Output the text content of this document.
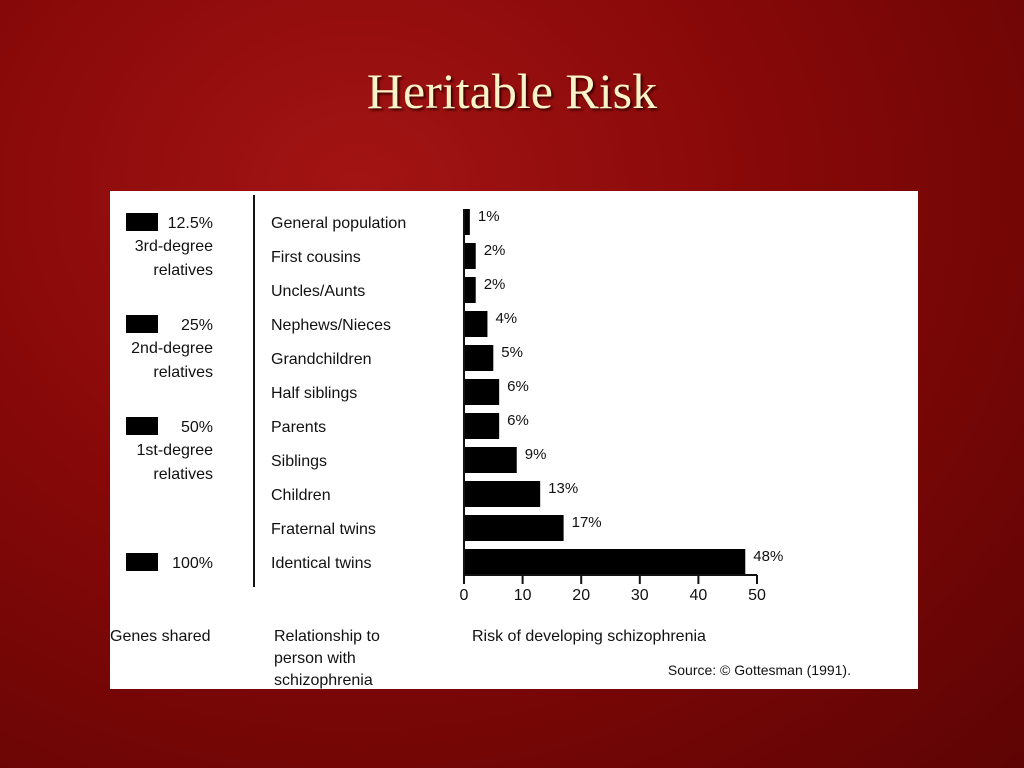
Heritable Risk
General population	1%
First cousins	2%
Uncles/Aunts	2%
Nephews/Nieces	4%
Grandchildren	5%
Half siblings	6%
Parents	6%
Siblings	9%
Children	13%
Fraternal twins	17%
Identical twins	48%
0	10	20	30	40	50
12.5%
3rd-degree
relatives
25%
2nd-degree
relatives
50%
1st-degree
relatives
100%
Genes shared	Relationship to
person with
schizophrenia
Risk of developing schizophrenia
Source: © Gottesman (1991).
